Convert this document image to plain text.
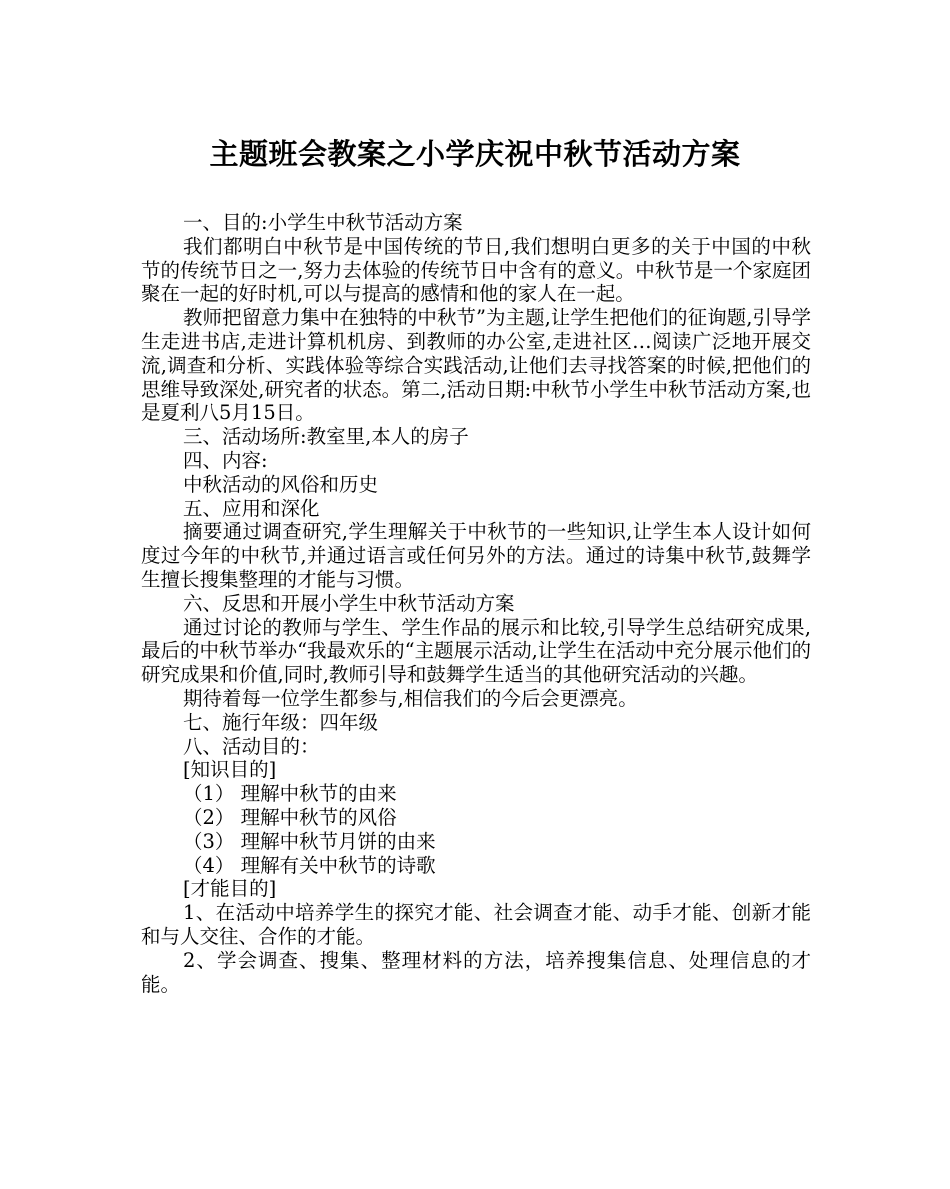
主题班会教案之小学庆祝中秋节活动方案

一、目的:小学生中秋节活动方案

我们都明白中秋节是中国传统的节日,我们想明白更多的关于中国的中秋节的传统节日之一,努力去体验的传统节日中含有的意义。中秋节是一个家庭团聚在一起的好时机,可以与提高的感情和他的家人在一起。

教师把留意力集中在独特的中秋节”为主题,让学生把他们的征询题,引导学生走进书店,走进计算机机房、到教师的办公室,走进社区…阅读广泛地开展交流,调查和分析、实践体验等综合实践活动,让他们去寻找答案的时候,把他们的思维导致深处,研究者的状态。第二,活动日期:中秋节小学生中秋节活动方案,也是夏利八5月15日。

三、活动场所:教室里,本人的房子

四、内容:

中秋活动的风俗和历史

五、应用和深化

摘要通过调查研究,学生理解关于中秋节的一些知识,让学生本人设计如何度过今年的中秋节,并通过语言或任何另外的方法。通过的诗集中秋节,鼓舞学生擅长搜集整理的才能与习惯。

六、反思和开展小学生中秋节活动方案

通过讨论的教师与学生、学生作品的展示和比较,引导学生总结研究成果,最后的中秋节举办“我最欢乐的“主题展示活动,让学生在活动中充分展示他们的研究成果和价值,同时,教师引导和鼓舞学生适当的其他研究活动的兴趣。

期待着每一位学生都参与,相信我们的今后会更漂亮。

七、施行年级：四年级

八、活动目的：

[知识目的]

（1） 理解中秋节的由来

（2） 理解中秋节的风俗

（3） 理解中秋节月饼的由来

（4） 理解有关中秋节的诗歌

[才能目的]

1、在活动中培养学生的探究才能、社会调查才能、动手才能、创新才能和与人交往、合作的才能。

2、学会调查、搜集、整理材料的方法，培养搜集信息、处理信息的才能。
